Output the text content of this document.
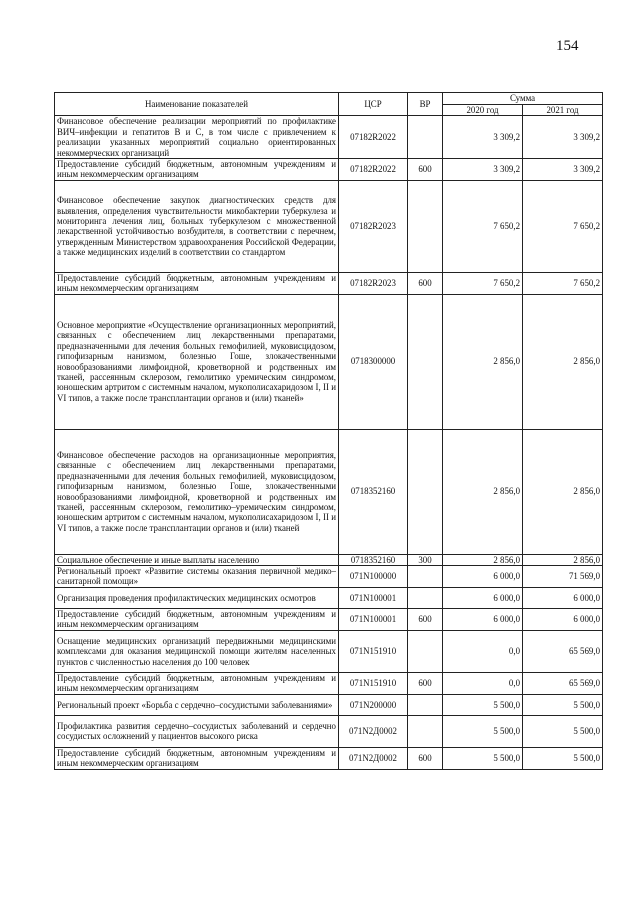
154
Наименование показателей	ЦСР	ВР	Сумма	
			2020 год	2021 год
Финансовое обеспечение реализации мероприятий по профилактике ВИЧ–инфекции и гепатитов В и С, в том числе с привлечением к реализации указанных мероприятий социально ориентированных некоммерческих организаций	07182R2022		3 309,2	3 309,2
Предоставление субсидий бюджетным, автономным учреждениям и иным некоммерческим организациям	07182R2022	600	3 309,2	3 309,2
Финансовое обеспечение закупок диагностических средств для выявления, определения чувствительности микобактерии туберкулеза и мониторинга лечения лиц, больных туберкулезом с множественной лекарственной устойчивостью возбудителя, в соответствии с перечнем, утвержденным Министерством здравоохранения Российской Федерации, а также медицинских изделий в соответствии со стандартом	07182R2023		7 650,2	7 650,2
Предоставление субсидий бюджетным, автономным учреждениям и иным некоммерческим организациям	07182R2023	600	7 650,2	7 650,2
Основное мероприятие «Осуществление организационных мероприятий, связанных с обеспечением лиц лекарственными препаратами, предназначенными для лечения больных гемофилией, муковисцидозом, гипофизарным нанизмом, болезнью Гоше, злокачественными новообразованиями лимфоидной, кроветворной и родственных им тканей, рассеянным склерозом, гемолитико уремическим синдромом, юношеским артритом с системным началом, мукополисахаридозом I, II и VI типов, а также после трансплантации органов и (или) тканей»	0718300000		2 856,0	2 856,0
Финансовое обеспечение расходов на организационные мероприятия, связанные с обеспечением лиц лекарственными препаратами, предназначенными для лечения больных гемофилией, муковисцидозом, гипофизарным нанизмом, болезнью Гоше, злокачественными новообразованиями лимфоидной, кроветворной и родственных им тканей, рассеянным склерозом, гемолитико–уремическим синдромом, юношеским артритом с системным началом, мукополисахаридозом I, II и VI типов, а также после трансплантации органов и (или) тканей	0718352160		2 856,0	2 856,0
Социальное обеспечение и иные выплаты населению	0718352160	300	2 856,0	2 856,0
Региональный проект «Развитие системы оказания первичной медико–санитарной помощи»	071N100000		6 000,0	71 569,0
Организация проведения профилактических медицинских осмотров	071N100001		6 000,0	6 000,0
Предоставление субсидий бюджетным, автономным учреждениям и иным некоммерческим организациям	071N100001	600	6 000,0	6 000,0
Оснащение медицинских организаций передвижными медицинскими комплексами для оказания медицинской помощи жителям населенных пунктов с численностью населения до 100 человек	071N151910		0,0	65 569,0
Предоставление субсидий бюджетным, автономным учреждениям и иным некоммерческим организациям	071N151910	600	0,0	65 569,0
Региональный проект «Борьба с сердечно–сосудистыми заболеваниями»	071N200000		5 500,0	5 500,0
Профилактика развития сердечно–сосудистых заболеваний и сердечно сосудистых осложнений у пациентов высокого риска	071N2Д0002		5 500,0	5 500,0
Предоставление субсидий бюджетным, автономным учреждениям и иным некоммерческим организациям	071N2Д0002	600	5 500,0	5 500,0
